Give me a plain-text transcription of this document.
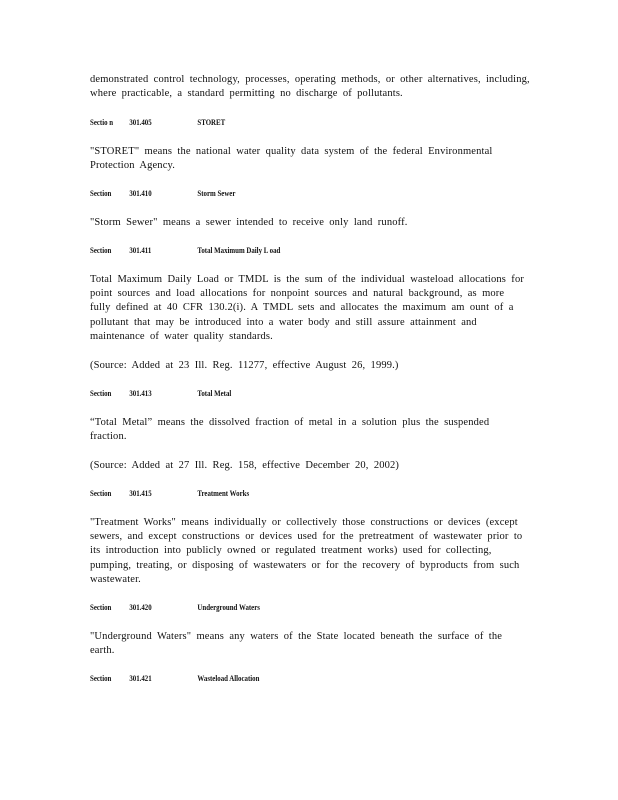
demonstrated control technology, processes, operating methods, or other alternatives, including, where practicable, a standard permitting no discharge of pollutants.

Sectio n 301.405	STORET

"STORET" means the national water quality data system of the federal Environmental Protection Agency.

Section 301.410	Storm Sewer

"Storm Sewer" means a sewer intended to receive only land runoff.

Section 301.411	Total Maximum Daily L oad

Total Maximum Daily Load or TMDL is the sum of the individual wasteload allocations for point sources and load allocations for nonpoint sources and natural background, as more fully defined at 40 CFR 130.2(i). A TMDL sets and allocates the maximum am ount of a pollutant that may be introduced into a water body and still assure attainment and maintenance of water quality standards.

(Source: Added at 23 Ill. Reg. 11277, effective August 26, 1999.)

Section 301.413	Total Metal

“Total Metal” means the dissolved fraction of metal in a solution plus the suspended fraction.

(Source: Added at 27 Ill. Reg. 158, effective December 20, 2002)

Section 301.415	Treatment Works

"Treatment Works" means individually or collectively those constructions or devices (except sewers, and except constructions or devices used for the pretreatment of wastewater prior to its introduction into publicly owned or regulated treatment works) used for collecting, pumping, treating, or disposing of wastewaters or for the recovery of byproducts from such wastewater.

Section 301.420	Underground Waters

"Underground Waters" means any waters of the State located beneath the surface of the earth.

Section 301.421	Wasteload Allocation
